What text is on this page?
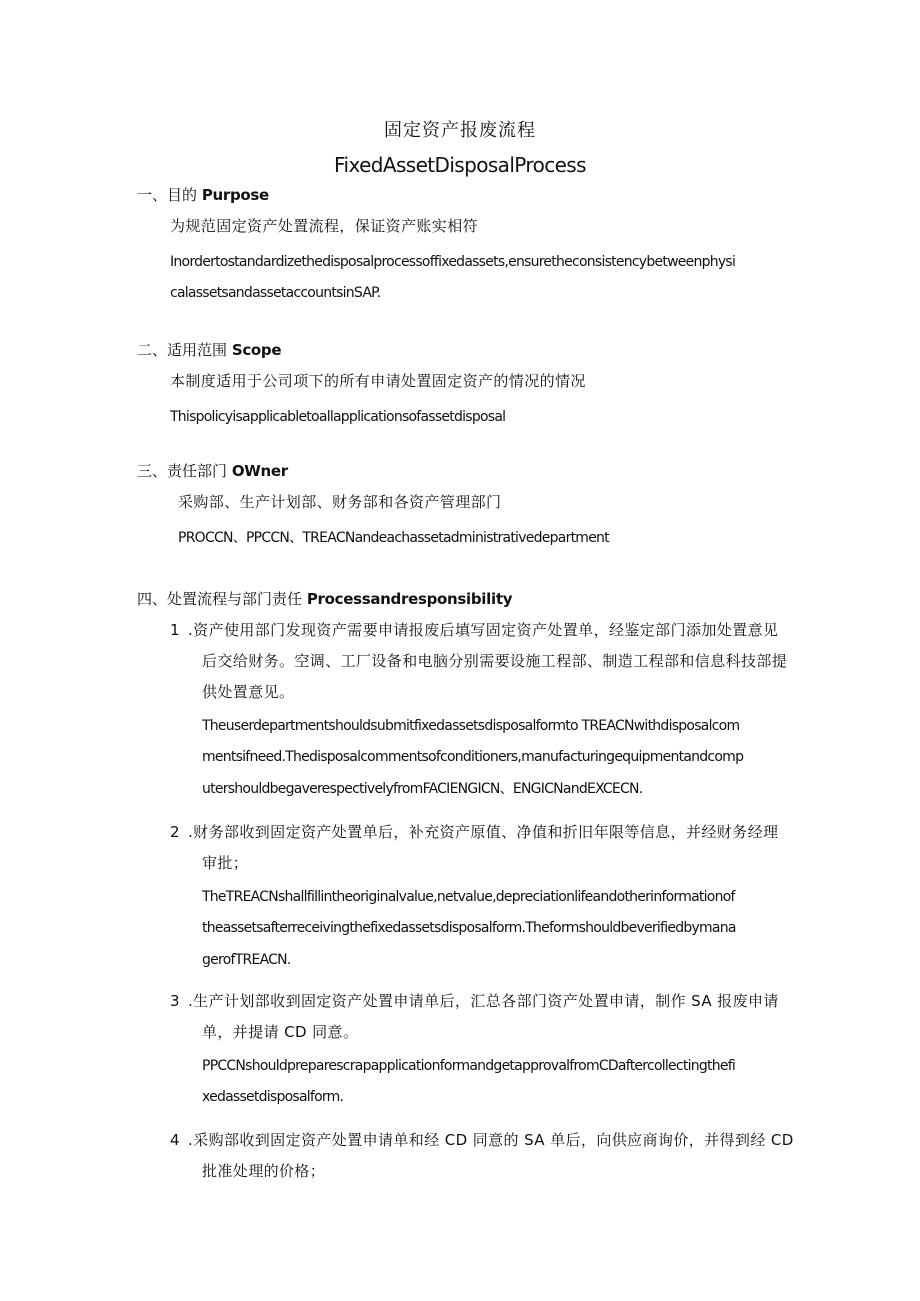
固定资产报废流程
FixedAssetDisposalProcess
一、目的 Purpose
为规范固定资产处置流程，保证资产账实相符
Inordertostandardizethedisposalprocessoffixedassets,ensuretheconsistencybetweenphysi
calassetsandassetaccountsinSAP.
二、适用范围 Scope
本制度适用于公司项下的所有申请处置固定资产的情况的情况
Thispolicyisapplicabletoallapplicationsofassetdisposal
三、责任部门 OWner
采购部、生产计划部、财务部和各资产管理部门
PROCCN、PPCCN、TREACNandeachassetadministrativedepartment
四、处置流程与部门责任 Processandresponsibility
1 .资产使用部门发现资产需要申请报废后填写固定资产处置单，经鉴定部门添加处置意见
后交给财务。空调、工厂设备和电脑分别需要设施工程部、制造工程部和信息科技部提
供处置意见。
Theuserdepartmentshouldsubmitfixedassetsdisposalformto TREACNwithdisposalcom
mentsifneed.Thedisposalcommentsofconditioners,manufacturingequipmentandcomp
utershouldbegaverespectivelyfromFACIENGICN、ENGICNandEXCECN.
2 .财务部收到固定资产处置单后，补充资产原值、净值和折旧年限等信息，并经财务经理
审批；
TheTREACNshallfillintheoriginalvalue,netvalue,depreciationlifeandotherinformationof
theassetsafterreceivingthefixedassetsdisposalform.Theformshouldbeverifiedbymana
gerofTREACN.
3 .生产计划部收到固定资产处置申请单后，汇总各部门资产处置申请，制作 SA 报废申请
单，并提请 CD 同意。
PPCCNshouldpreparescrapapplicationformandgetapprovalfromCDaftercollectingthefi
xedassetdisposalform.
4 .采购部收到固定资产处置申请单和经 CD 同意的 SA 单后，向供应商询价，并得到经 CD
批准处理的价格；
